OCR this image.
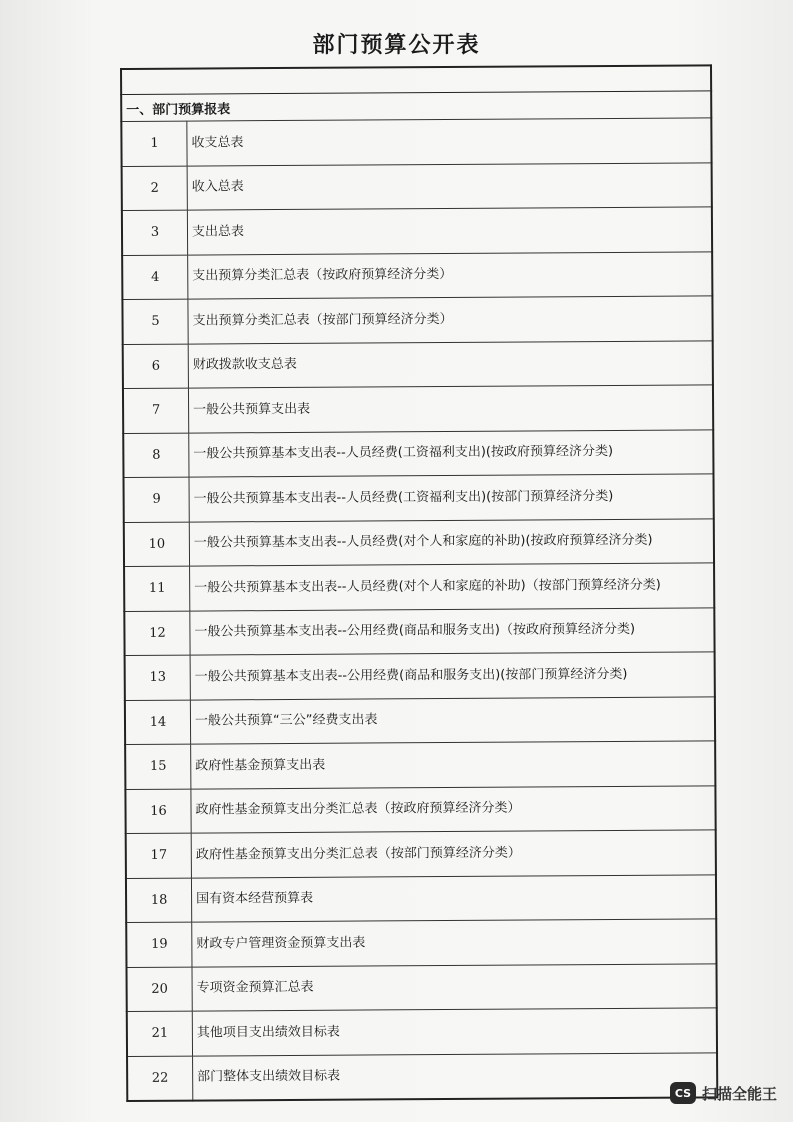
部门预算公开表

一、部门预算报表	
1	收支总表
2	收入总表
3	支出总表
4	支出预算分类汇总表（按政府预算经济分类）
5	支出预算分类汇总表（按部门预算经济分类）
6	财政拨款收支总表
7	一般公共预算支出表
8	一般公共预算基本支出表--人员经费(工资福利支出)(按政府预算经济分类)
9	一般公共预算基本支出表--人员经费(工资福利支出)(按部门预算经济分类)
10	一般公共预算基本支出表--人员经费(对个人和家庭的补助)(按政府预算经济分类)
11	一般公共预算基本支出表--人员经费(对个人和家庭的补助)（按部门预算经济分类)
12	一般公共预算基本支出表--公用经费(商品和服务支出)（按政府预算经济分类)
13	一般公共预算基本支出表--公用经费(商品和服务支出)(按部门预算经济分类)
14	一般公共预算“三公”经费支出表
15	政府性基金预算支出表
16	政府性基金预算支出分类汇总表（按政府预算经济分类）
17	政府性基金预算支出分类汇总表（按部门预算经济分类）
18	国有资本经营预算表
19	财政专户管理资金预算支出表
20	专项资金预算汇总表
21	其他项目支出绩效目标表
22	部门整体支出绩效目标表
CS 扫描全能王
